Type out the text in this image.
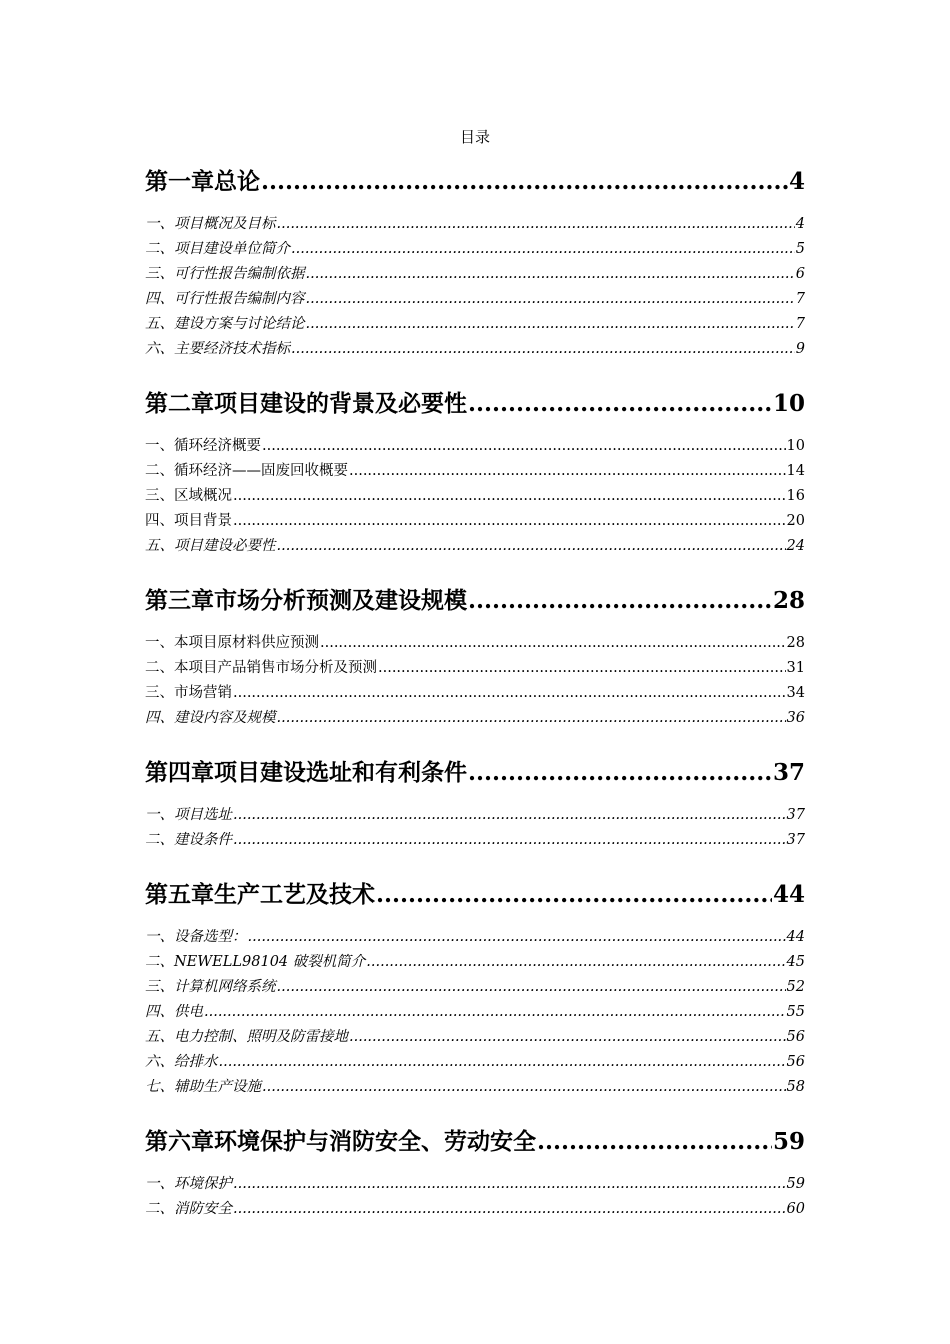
目录
第一章总论 .....	4
一、项目概况及目标 .....	4
二、项目建设单位简介 .....	5
三、可行性报告编制依据 .....	6
四、可行性报告编制内容 .....	7
五、建设方案与讨论结论 .....	7
六、主要经济技术指标 .....	9
第二章项目建设的背景及必要性 .....	10
一、循环经济概要 .....	10
二、循环经济——固废回收概要 .....	14
三、区域概况 .....	16
四、项目背景 .....	20
五、项目建设必要性 .....	24
第三章市场分析预测及建设规模 .....	28
一、本项目原材料供应预测 .....	28
二、本项目产品销售市场分析及预测 .....	31
三、市场营销 .....	34
四、建设内容及规模 .....	36
第四章项目建设选址和有利条件 .....	37
一、项目选址 .....	37
二、建设条件 .....	37
第五章生产工艺及技术 .....	44
一、设备选型： .....	44
二、NEWELL98104 破裂机简介 .....	45
三、计算机网络系统 .....	52
四、供电 .....	55
五、电力控制、照明及防雷接地 .....	56
六、给排水 .....	56
七、辅助生产设施 .....	58
第六章环境保护与消防安全、劳动安全 .....	59
一、环境保护 .....	59
二、消防安全 .....	60
